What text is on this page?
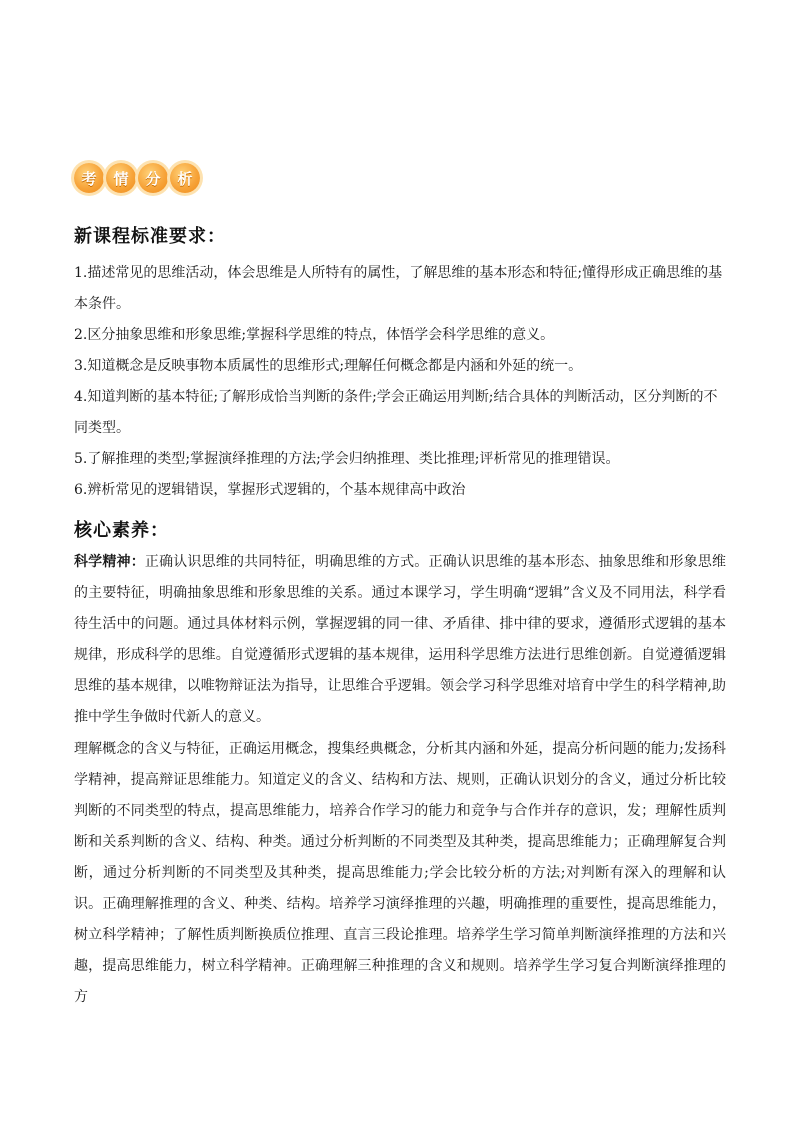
考	情	分	析
新课程标准要求：
1.描述常见的思维活动，体会思维是人所特有的属性，了解思维的基本形态和特征;懂得形成正确思维的基本条件。
2.区分抽象思维和形象思维;掌握科学思维的特点，体悟学会科学思维的意义。
3.知道概念是反映事物本质属性的思维形式;理解任何概念都是内涵和外延的统一。
4.知道判断的基本特征;了解形成恰当判断的条件;学会正确运用判断;结合具体的判断活动，区分判断的不同类型。
5.了解推理的类型;掌握演绎推理的方法;学会归纳推理、类比推理;评析常见的推理错误。
6.辨析常见的逻辑错误，掌握形式逻辑的，个基本规律高中政治
核心素养：

科学精神：正确认识思维的共同特征，明确思维的方式。正确认识思维的基本形态、抽象思维和形象思维的主要特征，明确抽象思维和形象思维的关系。通过本课学习，学生明确“逻辑”含义及不同用法，科学看待生活中的问题。通过具体材料示例，掌握逻辑的同一律、矛盾律、排中律的要求，遵循形式逻辑的基本规律，形成科学的思维。自觉遵循形式逻辑的基本规律，运用科学思维方法进行思维创新。自觉遵循逻辑思维的基本规律，以唯物辩证法为指导，让思维合乎逻辑。领会学习科学思维对培育中学生的科学精神,助推中学生争做时代新人的意义。

理解概念的含义与特征，正确运用概念，搜集经典概念，分析其内涵和外延，提高分析问题的能力;发扬科学精神，提高辩证思维能力。知道定义的含义、结构和方法、规则，正确认识划分的含义，通过分析比较判断的不同类型的特点，提高思维能力，培养合作学习的能力和竞争与合作并存的意识，发；理解性质判断和关系判断的含义、结构、种类。通过分析判断的不同类型及其种类，提高思维能力；正确理解复合判断，通过分析判断的不同类型及其种类，提高思维能力;学会比较分析的方法;对判断有深入的理解和认识。正确理解推理的含义、种类、结构。培养学习演绎推理的兴趣，明确推理的重要性，提高思维能力，树立科学精神；了解性质判断换质位推理、直言三段论推理。培养学生学习简单判断演绎推理的方法和兴趣，提高思维能力，树立科学精神。正确理解三种推理的含义和规则。培养学生学习复合判断演绎推理的方
